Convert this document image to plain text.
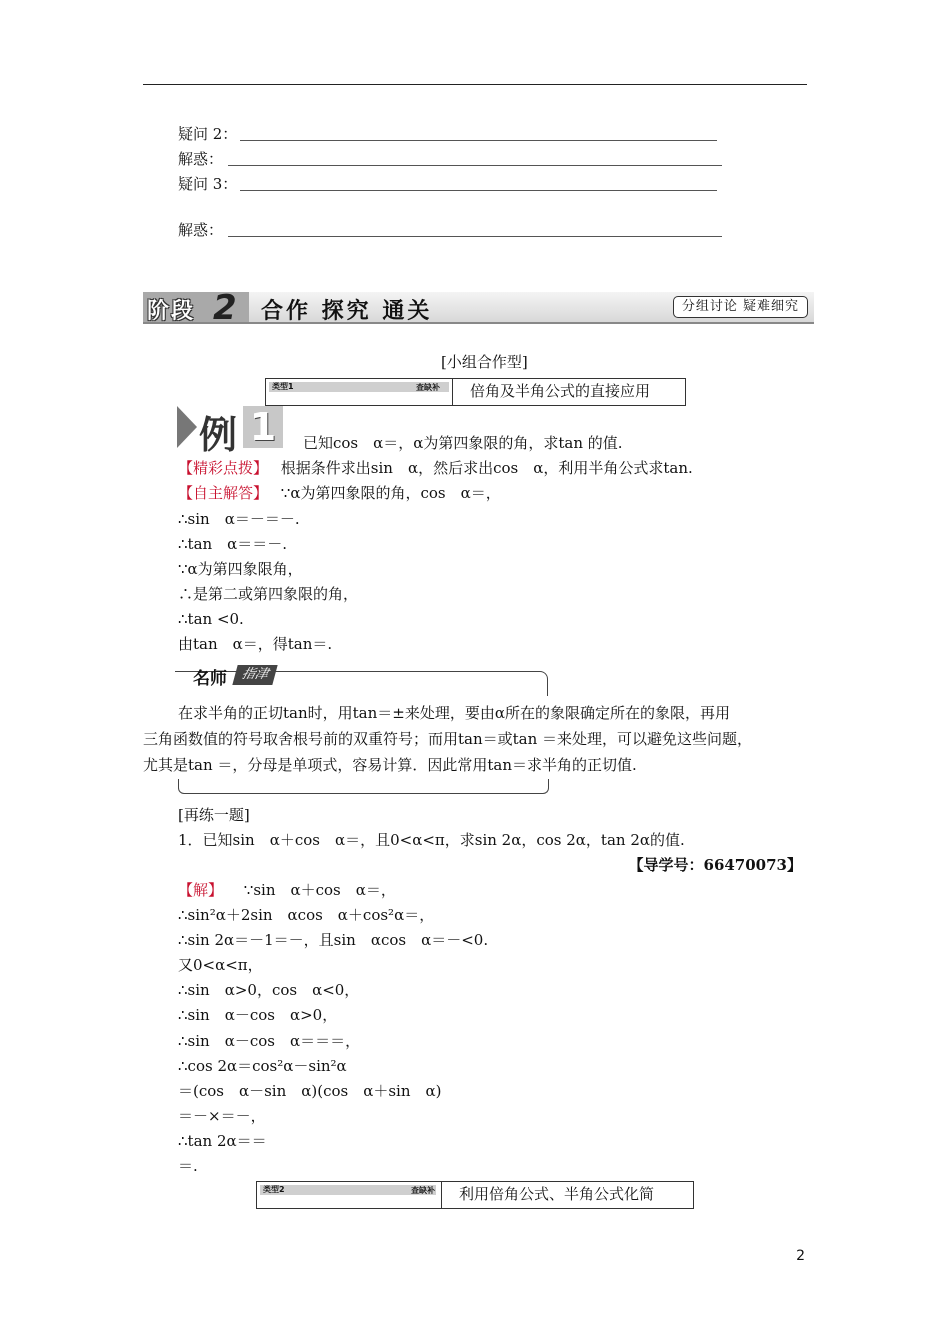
疑问 2：
解惑：
疑问 3：
解惑：
阶段 2 合作 探究 通关	分组讨论 疑难细究
[小组合作型]
类型1	查缺补 倍角及半角公式的直接应用
例 1	已知cos　α＝，α为第四象限的角，求tan 的值.
【精彩点拨】 根据条件求出sin　α，然后求出cos　α，利用半角公式求tan.
【自主解答】 ∵α为第四象限的角，cos　α＝，
∴sin　α＝－＝－.
∴tan　α＝＝－.
∵α为第四象限角，
∴是第二或第四象限的角，
∴tan <0.
由tan　α＝，得tan＝.
名师	指津
在求半角的正切tan时，用tan＝±来处理，要由α所在的象限确定所在的象限，再用
三角函数值的符号取舍根号前的双重符号；而用tan＝或tan ＝来处理，可以避免这些问题，
尤其是tan ＝，分母是单项式，容易计算．因此常用tan＝求半角的正切值.
[再练一题]
1．已知sin　α＋cos　α＝，且0<α<π，求sin 2α，cos 2α，tan 2α的值.
【导学号：66470073】
【解】 ∵sin　α＋cos　α＝，
∴sin²α＋2sin　αcos　α＋cos²α＝，
∴sin 2α＝－1＝－，且sin　αcos　α＝－<0.
又0<α<π，
∴sin　α>0，cos　α<0，
∴sin　α－cos　α>0，
∴sin　α－cos　α＝＝＝，
∴cos 2α＝cos²α－sin²α
＝(cos　α－sin　α)(cos　α＋sin　α)
＝－×＝－，
∴tan 2α＝＝
＝.
类型2	查缺补 利用倍角公式、半角公式化简
2
